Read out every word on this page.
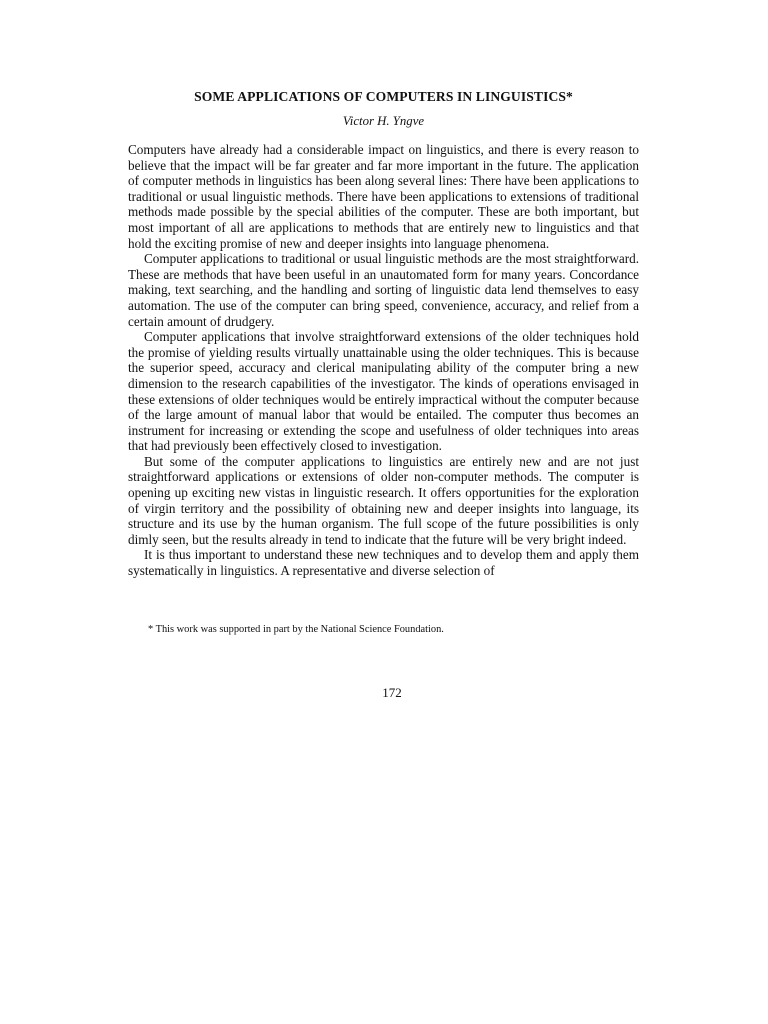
SOME APPLICATIONS OF COMPUTERS IN LINGUISTICS*
Victor H. Yngve

Computers have already had a considerable impact on linguistics, and there is every reason to believe that the impact will be far greater and far more important in the future. The application of computer methods in linguistics has been along several lines: There have been applications to traditional or usual linguistic methods. There have been applications to extensions of traditional methods made possible by the special abilities of the computer. These are both important, but most important of all are applications to methods that are entirely new to linguistics and that hold the exciting promise of new and deeper insights into language phenomena.

Computer applications to traditional or usual linguistic methods are the most straightforward. These are methods that have been useful in an unautomated form for many years. Concordance making, text searching, and the handling and sorting of linguistic data lend themselves to easy automation. The use of the computer can bring speed, convenience, accuracy, and relief from a certain amount of drudgery.

Computer applications that involve straightforward extensions of the older techniques hold the promise of yielding results virtually unattainable using the older techniques. This is because the superior speed, accuracy and clerical manipulating ability of the computer bring a new dimension to the research capabilities of the investigator. The kinds of operations envisaged in these extensions of older techniques would be entirely impractical without the computer because of the large amount of manual labor that would be entailed. The computer thus becomes an instrument for increasing or extending the scope and usefulness of older techniques into areas that had previously been effectively closed to investigation.

But some of the computer applications to linguistics are entirely new and are not just straightforward applications or extensions of older non-computer methods. The computer is opening up exciting new vistas in linguistic research. It offers opportunities for the exploration of virgin territory and the possibility of obtaining new and deeper insights into language, its structure and its use by the human organism. The full scope of the future possibilities is only dimly seen, but the results already in tend to indicate that the future will be very bright indeed.

It is thus important to understand these new techniques and to develop them and apply them systematically in linguistics. A representative and diverse selection of

* This work was supported in part by the National Science Foundation.
172
